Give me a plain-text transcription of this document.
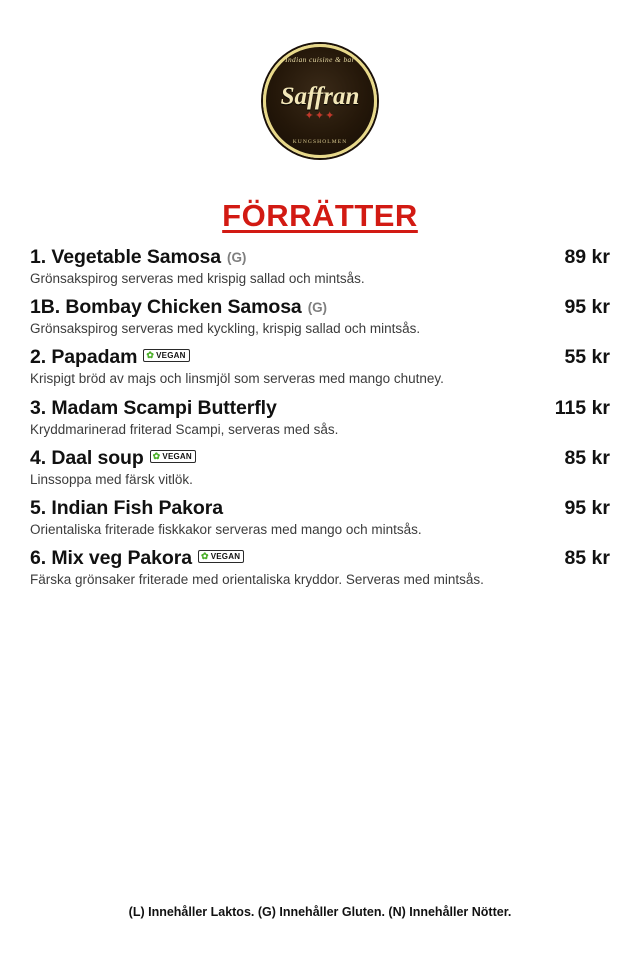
Indian cuisine & bar
Saffran
✦✦✦
KUNGSHOLMEN
FÖRRÄTTER
1. Vegetable Samosa (G)	89 kr
Grönsakspirog serveras med krispig sallad och mintsås.
1B. Bombay Chicken Samosa (G)	95 kr
Grönsakspirog serveras med kyckling, krispig sallad och mintsås.
2. Papadam ✿ VEGAN	55 kr
Krispigt bröd av majs och linsmjöl som serveras med mango chutney.
3. Madam Scampi Butterfly	115 kr
Kryddmarinerad friterad Scampi, serveras med sås.
4. Daal soup ✿ VEGAN	85 kr
Linssoppa med färsk vitlök.
5. Indian Fish Pakora	95 kr
Orientaliska friterade fiskkakor serveras med mango och mintsås.
6. Mix veg Pakora ✿ VEGAN	85 kr
Färska grönsaker friterade med orientaliska kryddor. Serveras med mintsås.
(L) Innehåller Laktos. (G) Innehåller Gluten. (N) Innehåller Nötter.
